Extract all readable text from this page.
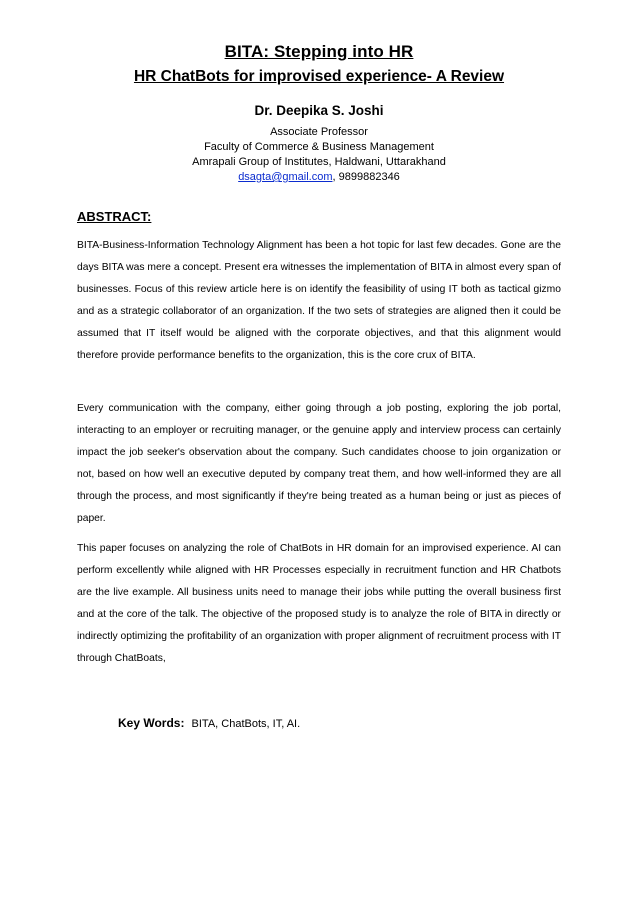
BITA: Stepping into HR
HR ChatBots for improvised experience- A Review
Dr. Deepika S. Joshi
Associate Professor
Faculty of Commerce & Business Management
Amrapali Group of Institutes, Haldwani, Uttarakhand
dsagta@gmail.com, 9899882346
ABSTRACT:

BITA-Business-Information Technology Alignment has been a hot topic for last few decades. Gone are the days BITA was mere a concept. Present era witnesses the implementation of BITA in almost every span of businesses. Focus of this review article here is on identify the feasibility of using IT both as tactical gizmo and as a strategic collaborator of an organization. If the two sets of strategies are aligned then it could be assumed that IT itself would be aligned with the corporate objectives, and that this alignment would therefore provide performance benefits to the organization, this is the core crux of BITA.

Every communication with the company, either going through a job posting, exploring the job portal, interacting to an employer or recruiting manager, or the genuine apply and interview process can certainly impact the job seeker's observation about the company. Such candidates choose to join organization or not, based on how well an executive deputed by company treat them, and how well-informed they are all through the process, and most significantly if they're being treated as a human being or just as pieces of paper.

This paper focuses on analyzing the role of ChatBots in HR domain for an improvised experience. AI can perform excellently while aligned with HR Processes especially in recruitment function and HR Chatbots are the live example. All business units need to manage their jobs while putting the overall business first and at the core of the talk. The objective of the proposed study is to analyze the role of BITA in directly or indirectly optimizing the profitability of an organization with proper alignment of recruitment process with IT through ChatBoats,

Key Words: BITA, ChatBots, IT, AI.
